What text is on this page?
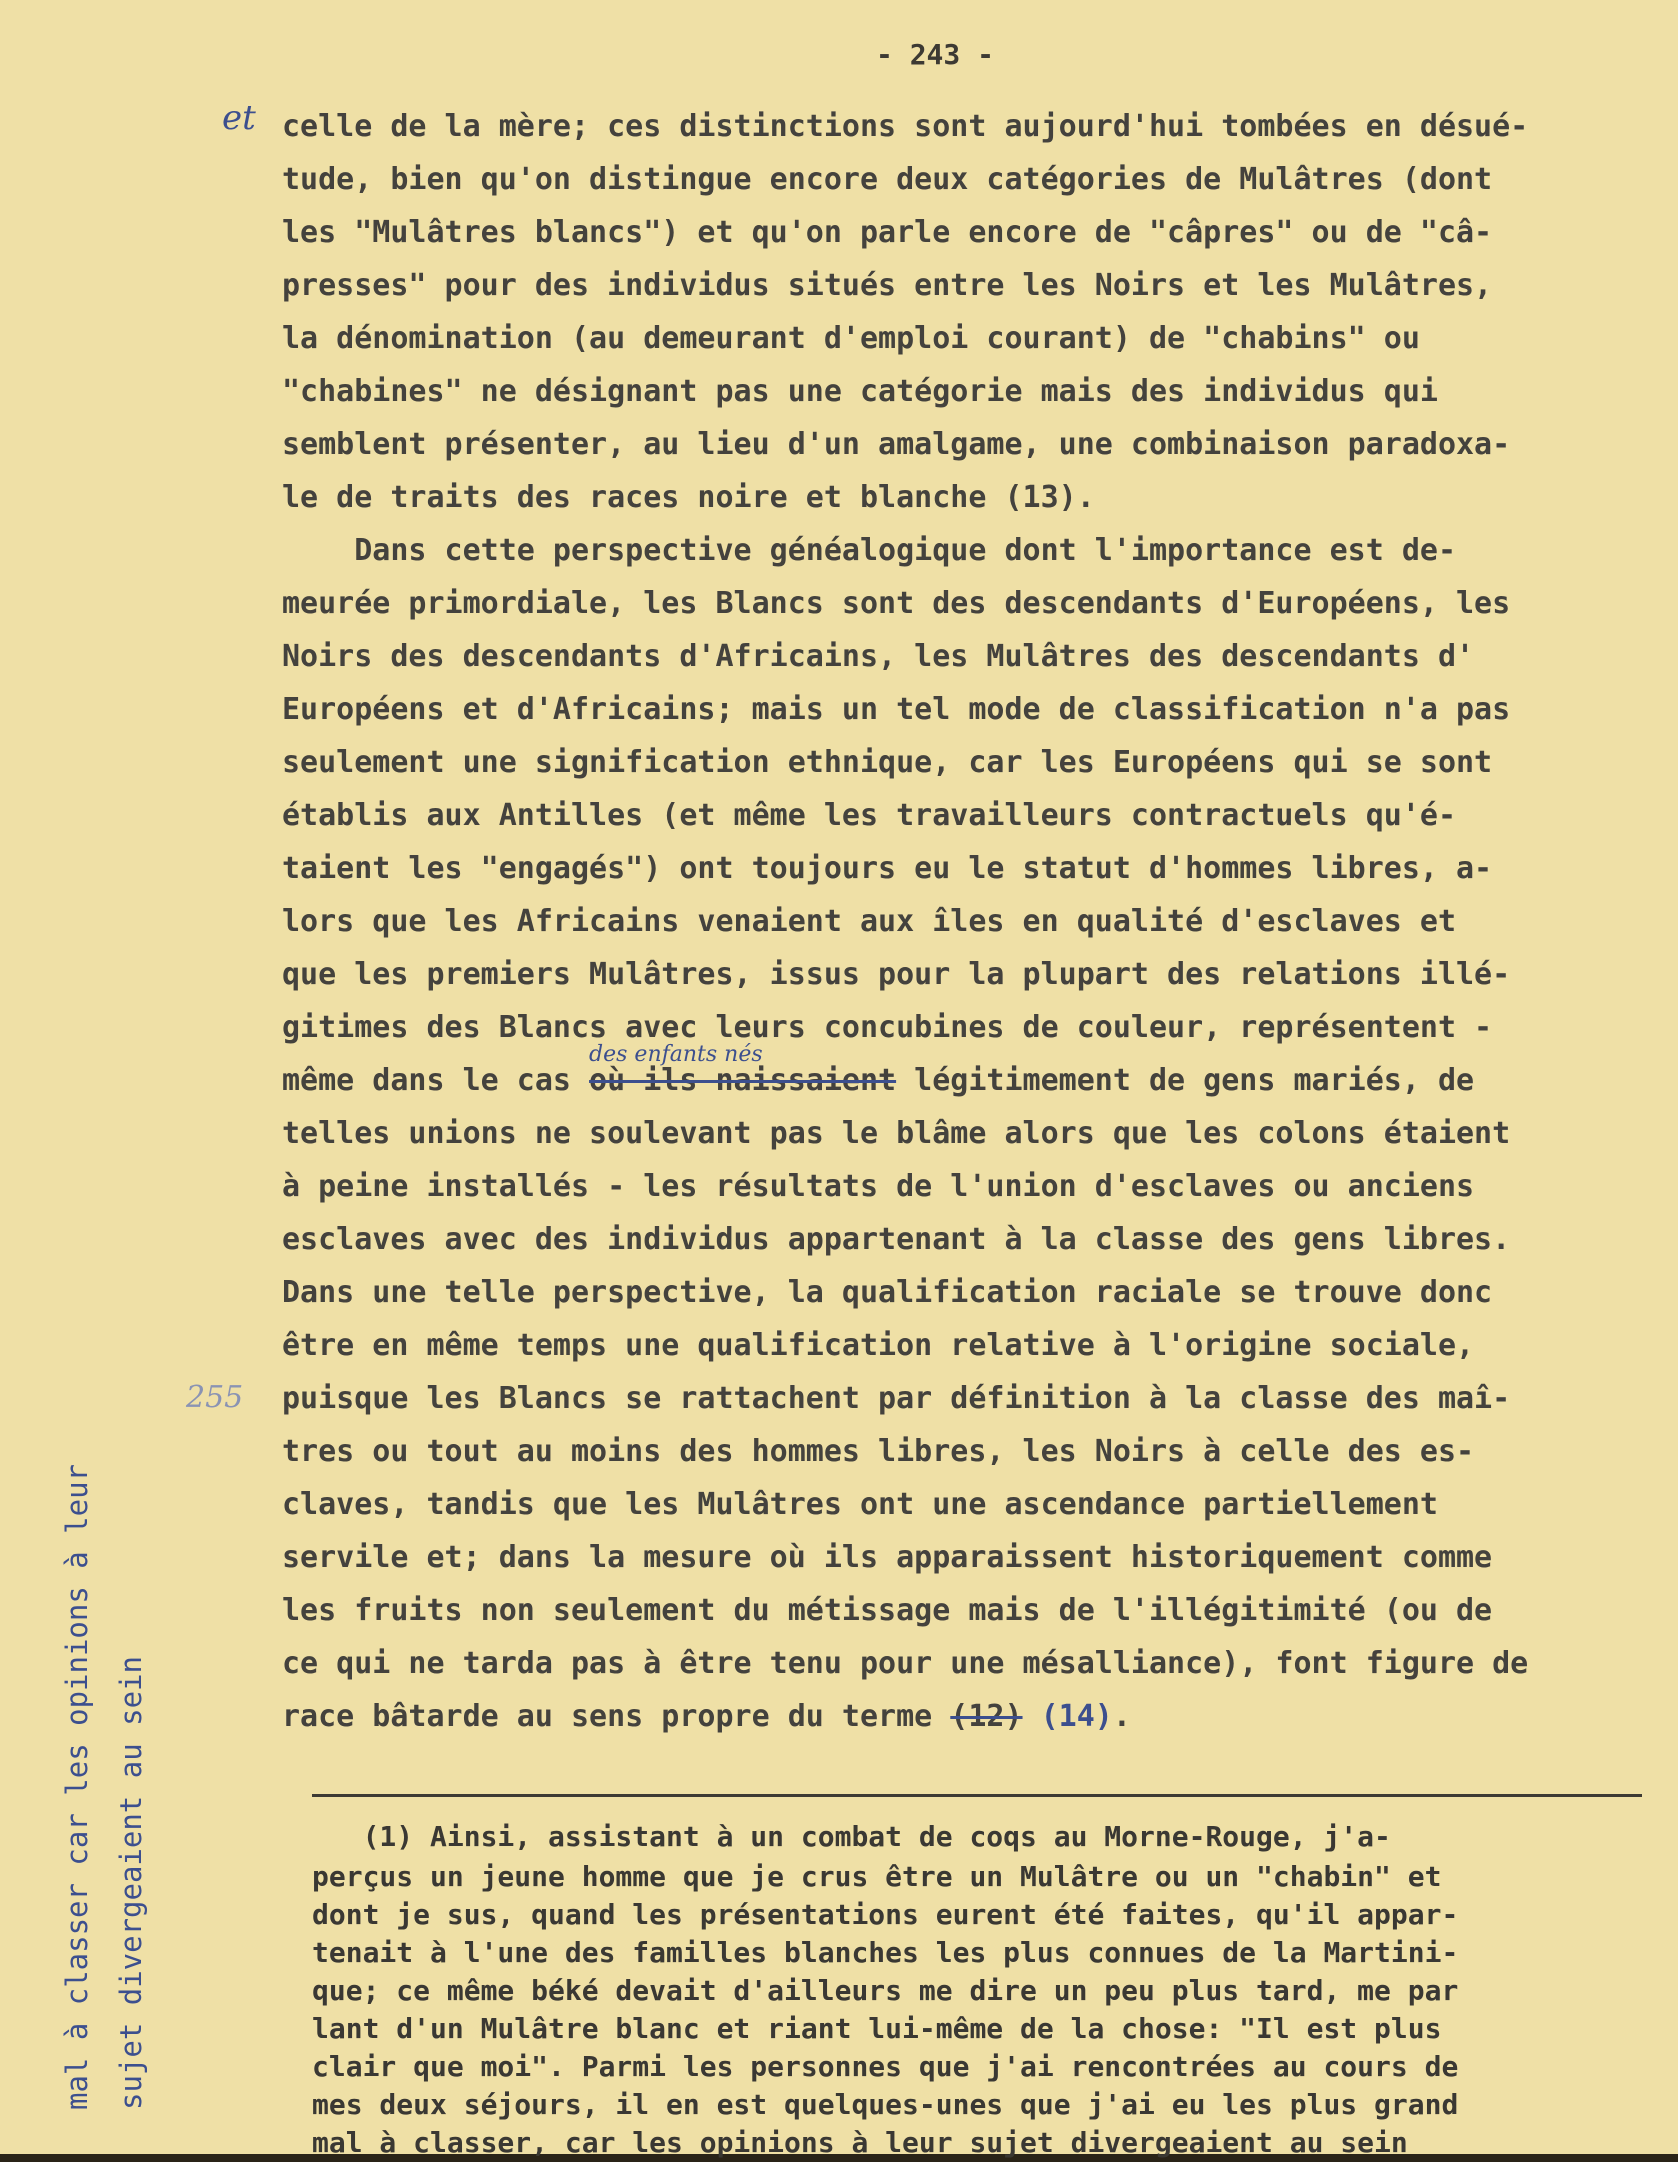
- 243 -
et
255
mal à classer car les opinions à leur sujet divergeaient au sein
celle de la mère; ces distinctions sont aujourd'hui tombées en désué-
tude, bien qu'on distingue encore deux catégories de Mulâtres (dont
les "Mulâtres blancs") et qu'on parle encore de "câpres" ou de "câ-
presses" pour des individus situés entre les Noirs et les Mulâtres,
la dénomination (au demeurant d'emploi courant) de "chabins" ou
"chabines" ne désignant pas une catégorie mais des individus qui
semblent présenter, au lieu d'un amalgame, une combinaison paradoxa-
le de traits des races noire et blanche (13).
Dans cette perspective généalogique dont l'importance est de-
meurée primordiale, les Blancs sont des descendants d'Européens, les
Noirs des descendants d'Africains, les Mulâtres des descendants d'
Européens et d'Africains; mais un tel mode de classification n'a pas
seulement une signification ethnique, car les Européens qui se sont
établis aux Antilles (et même les travailleurs contractuels qu'é-
taient les "engagés") ont toujours eu le statut d'hommes libres, a-
lors que les Africains venaient aux îles en qualité d'esclaves et
que les premiers Mulâtres, issus pour la plupart des relations illé-
gitimes des Blancs avec leurs concubines de couleur, représentent -
même dans le cas
des enfants nés
où ils naissaient légitimement de gens mariés, de
telles unions ne soulevant pas le blâme alors que les colons étaient
à peine installés - les résultats de l'union d'esclaves ou anciens
esclaves avec des individus appartenant à la classe des gens libres.
Dans une telle perspective, la qualification raciale se trouve donc
être en même temps une qualification relative à l'origine sociale,
puisque les Blancs se rattachent par définition à la classe des maî-
tres ou tout au moins des hommes libres, les Noirs à celle des es-
claves, tandis que les Mulâtres ont une ascendance partiellement
servile et; dans la mesure où ils apparaissent historiquement comme
les fruits non seulement du métissage mais de l'illégitimité (ou de
ce qui ne tarda pas à être tenu pour une mésalliance), font figure de
race bâtarde au sens propre du terme (12) (14).
(1) Ainsi, assistant à un combat de coqs au Morne-Rouge, j'a-
perçus un jeune homme que je crus être un Mulâtre ou un "chabin" et
dont je sus, quand les présentations eurent été faites, qu'il appar-
tenait à l'une des familles blanches les plus connues de la Martini-
que; ce même béké devait d'ailleurs me dire un peu plus tard, me par
lant d'un Mulâtre blanc et riant lui-même de la chose: "Il est plus
clair que moi". Parmi les personnes que j'ai rencontrées au cours de
mes deux séjours, il en est quelques-unes que j'ai eu les plus grand
mal à classer, car les opinions à leur sujet divergeaient au sein
